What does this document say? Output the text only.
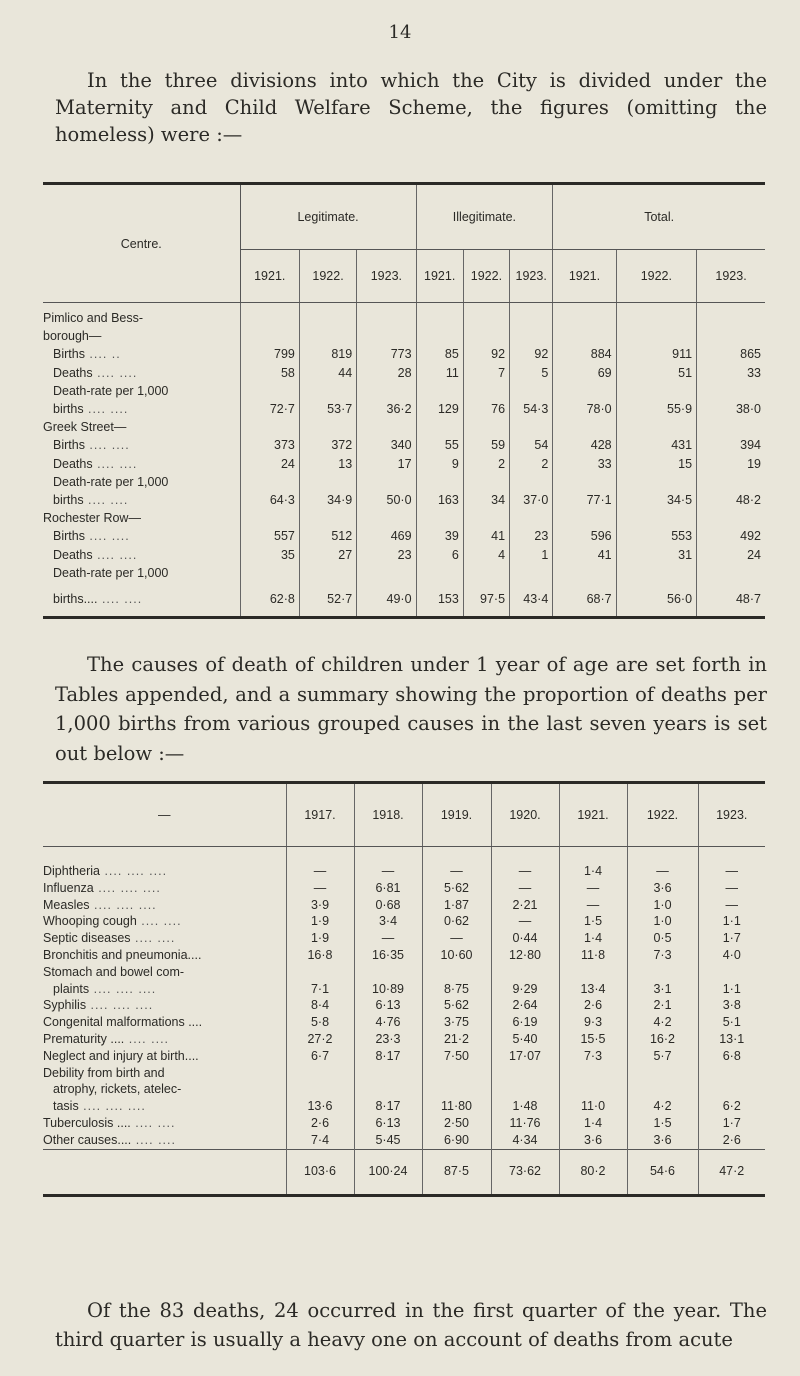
14

In the three divisions into which the City is divided under the Maternity and Child Welfare Scheme, the figures (omitting the homeless) were :—

Centre.	Legitimate.			Illegitimate.			Total.		
	1921.	1922.	1923.	1921.	1922.	1923.	1921.	1922.	1923.
Pimlico and Bess-									
borough—									
Births .... ..	799	819	773	85	92	92	884	911	865
Deaths .... ....	58	44	28	11	7	5	69	51	33
Death-rate per 1,000									
births .... ....	72·7	53·7	36·2	129	76	54·3	78·0	55·9	38·0
Greek Street—									
Births .... ....	373	372	340	55	59	54	428	431	394
Deaths .... ....	24	13	17	9	2	2	33	15	19
Death-rate per 1,000									
births .... ....	64·3	34·9	50·0	163	34	37·0	77·1	34·5	48·2
Rochester Row—									
Births .... ....	557	512	469	39	41	23	596	553	492
Deaths .... ....	35	27	23	6	4	1	41	31	24
Death-rate per 1,000									
births.... .... ....	62·8	52·7	49·0	153	97·5	43·4	68·7	56·0	48·7

The causes of death of children under 1 year of age are set forth in Tables appended, and a summary showing the proportion of deaths per 1,000 births from various grouped causes in the last seven years is set out below :—

—	1917.	1918.	1919.	1920.	1921.	1922.	1923.

Diphtheria .... .... ....	—	—	—	—	1·4	—	—
Influenza .... .... ....	—	6·81	5·62	—	—	3·6	—
Measles .... .... ....	3·9	0·68	1·87	2·21	—	1·0	—
Whooping cough .... ....	1·9	3·4	0·62	—	1·5	1·0	1·1
Septic diseases .... ....	1·9	—	—	0·44	1·4	0·5	1·7
Bronchitis and pneumonia....	16·8	16·35	10·60	12·80	11·8	7·3	4·0
Stomach and bowel com-							
plaints .... .... ....	7·1	10·89	8·75	9·29	13·4	3·1	1·1
Syphilis .... .... ....	8·4	6·13	5·62	2·64	2·6	2·1	3·8
Congenital malformations ....	5·8	4·76	3·75	6·19	9·3	4·2	5·1
Prematurity .... .... ....	27·2	23·3	21·2	5·40	15·5	16·2	13·1
Neglect and injury at birth....	6·7	8·17	7·50	17·07	7·3	5·7	6·8
Debility from birth and							
atrophy, rickets, atelec-							
tasis .... .... ....	13·6	8·17	11·80	1·48	11·0	4·2	6·2
Tuberculosis .... .... ....	2·6	6·13	2·50	11·76	1·4	1·5	1·7
Other causes.... .... ....	7·4	5·45	6·90	4·34	3·6	3·6	2·6
	103·6	100·24	87·5	73·62	80·2	54·6	47·2

Of the 83 deaths, 24 occurred in the first quarter of the year. The third quarter is usually a heavy one on account of deaths from acute
